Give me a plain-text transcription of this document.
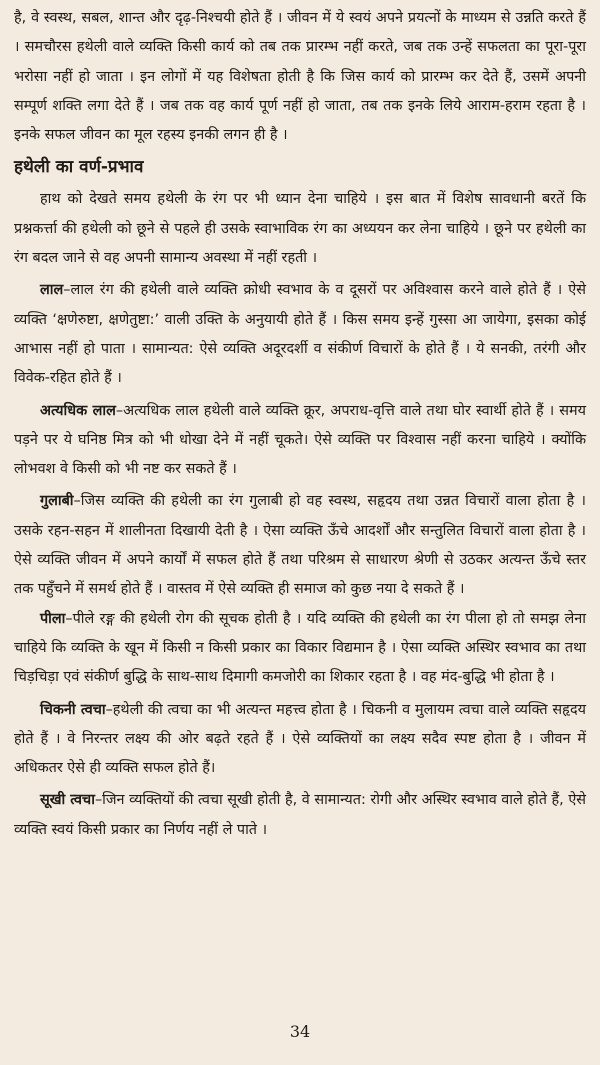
है, वे स्वस्थ, सबल, शान्त और दृढ़-निश्चयी होते हैं । जीवन में ये स्वयं अपने प्रयत्नों के माध्यम से उन्नति करते हैं । समचौरस हथेली वाले व्यक्ति किसी कार्य को तब तक प्रारम्भ नहीं करते, जब तक उन्हें सफलता का पूरा-पूरा भरोसा नहीं हो जाता । इन लोगों में यह विशेषता होती है कि जिस कार्य को प्रारम्भ कर देते हैं, उसमें अपनी सम्पूर्ण शक्ति लगा देते हैं । जब तक वह कार्य पूर्ण नहीं हो जाता, तब तक इनके लिये आराम-हराम रहता है । इनके सफल जीवन का मूल रहस्य इनकी लगन ही है ।

हथेली का वर्ण-प्रभाव

हाथ को देखते समय हथेली के रंग पर भी ध्यान देना चाहिये । इस बात में विशेष सावधानी बरतें कि प्रश्नकर्त्ता की हथेली को छूने से पहले ही उसके स्वाभाविक रंग का अध्ययन कर लेना चाहिये । छूने पर हथेली का रंग बदल जाने से वह अपनी सामान्य अवस्था में नहीं रहती ।

लाल–लाल रंग की हथेली वाले व्यक्ति क्रोधी स्वभाव के व दूसरों पर अविश्वास करने वाले होते हैं । ऐसे व्यक्ति ‘क्षणेरुष्टा, क्षणेतुष्टा:’ वाली उक्ति के अनुयायी होते हैं । किस समय इन्हें गुस्सा आ जायेगा, इसका कोई आभास नहीं हो पाता । सामान्यत: ऐसे व्यक्ति अदूरदर्शी व संकीर्ण विचारों के होते हैं । ये सनकी, तरंगी और विवेक-रहित होते हैं ।

अत्यधिक लाल–अत्यधिक लाल हथेली वाले व्यक्ति क्रूर, अपराध-वृत्ति वाले तथा घोर स्वार्थी होते हैं । समय पड़ने पर ये घनिष्ठ मित्र को भी धोखा देने में नहीं चूकते। ऐसे व्यक्ति पर विश्वास नहीं करना चाहिये । क्योंकि लोभवश वे किसी को भी नष्ट कर सकते हैं ।

गुलाबी–जिस व्यक्ति की हथेली का रंग गुलाबी हो वह स्वस्थ, सहृदय तथा उन्नत विचारों वाला होता है । उसके रहन-सहन में शालीनता दिखायी देती है । ऐसा व्यक्ति ऊँचे आदर्शों और सन्तुलित विचारों वाला होता है । ऐसे व्यक्ति जीवन में अपने कार्यों में सफल होते हैं तथा परिश्रम से साधारण श्रेणी से उठकर अत्यन्त ऊँचे स्तर तक पहुँचने में समर्थ होते हैं । वास्तव में ऐसे व्यक्ति ही समाज को कुछ नया दे सकते हैं ।

पीला–पीले रङ्ग की हथेली रोग की सूचक होती है । यदि व्यक्ति की हथेली का रंग पीला हो तो समझ लेना चाहिये कि व्यक्ति के खून में किसी न किसी प्रकार का विकार विद्यमान है । ऐसा व्यक्ति अस्थिर स्वभाव का तथा चिड़चिड़ा एवं संकीर्ण बुद्धि के साथ-साथ दिमागी कमजोरी का शिकार रहता है । वह मंद-बुद्धि भी होता है ।

चिकनी त्वचा–हथेली की त्वचा का भी अत्यन्त महत्त्व होता है । चिकनी व मुलायम त्वचा वाले व्यक्ति सहृदय होते हैं । वे निरन्तर लक्ष्य की ओर बढ़ते रहते हैं । ऐसे व्यक्तियों का लक्ष्य सदैव स्पष्ट होता है । जीवन में अधिकतर ऐसे ही व्यक्ति सफल होते हैं।

सूखी त्वचा–जिन व्यक्तियों की त्वचा सूखी होती है, वे सामान्यत: रोगी और अस्थिर स्वभाव वाले होते हैं, ऐसे व्यक्ति स्वयं किसी प्रकार का निर्णय नहीं ले पाते ।

34
